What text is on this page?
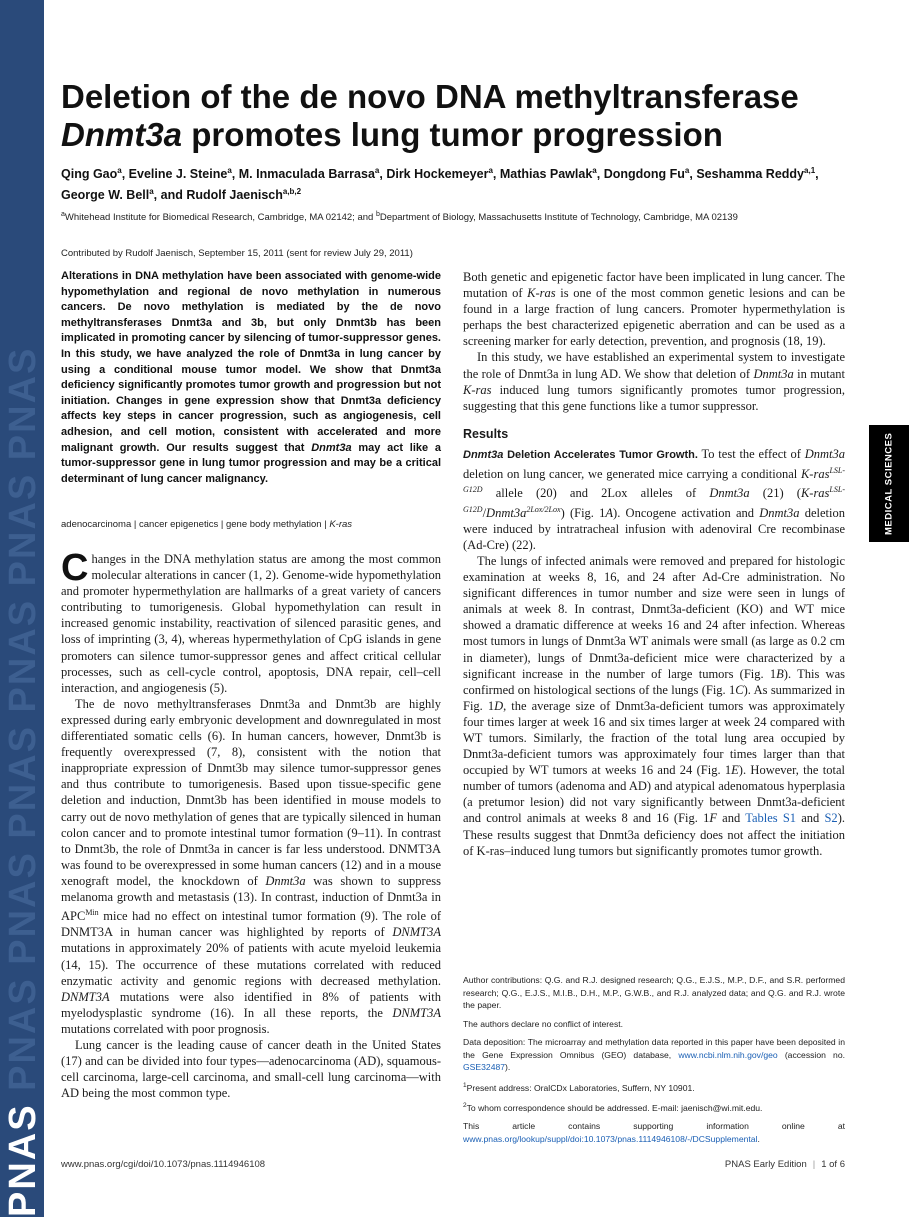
PNAS PNAS PNAS PNAS PNAS PNAS PNAS	MEDICAL SCIENCES
Deletion of the de novo DNA methyltransferase
Dnmt3a promotes lung tumor progression
Qing Gao$^a$, Eveline J. Steine$^a$, M. Inmaculada Barrasa$^a$, Dirk Hockemeyer$^a$, Mathias Pawlak$^a$, Dongdong Fu$^a$, Seshamma Reddy$^{a,1}$, George W. Bell$^a$, and Rudolf Jaenisch$^{a,b,2}$
$^a$Whitehead Institute for Biomedical Research, Cambridge, MA 02142; and $^b$Department of Biology, Massachusetts Institute of Technology, Cambridge, MA 02139
Contributed by Rudolf Jaenisch, September 15, 2011 (sent for review July 29, 2011)

Alterations in DNA methylation have been associated with genome-wide hypomethylation and regional de novo methylation in numerous cancers. De novo methylation is mediated by the de novo methyltransferases Dnmt3a and 3b, but only Dnmt3b has been implicated in promoting cancer by silencing of tumor-suppressor genes. In this study, we have analyzed the role of Dnmt3a in lung cancer by using a conditional mouse tumor model. We show that Dnmt3a deficiency significantly promotes tumor growth and progression but not initiation. Changes in gene expression show that Dnmt3a deficiency affects key steps in cancer progression, such as angiogenesis, cell adhesion, and cell motion, consistent with accelerated and more malignant growth. Our results suggest that Dnmt3a may act like a tumor-suppressor gene in lung tumor progression and may be a critical determinant of lung cancer malignancy.

adenocarcinoma | cancer epigenetics | gene body methylation | K-ras

Changes in the DNA methylation status are among the most common molecular alterations in cancer (1, 2). Genome-wide hypomethylation and promoter hypermethylation are hallmarks of a great variety of cancers contributing to tumorigenesis. Global hypomethylation can result in increased genomic instability, reactivation of silenced parasitic genes, and loss of imprinting (3, 4), whereas hypermethylation of CpG islands in gene promoters can silence tumor-suppressor genes and affect critical cellular processes, such as cell-cycle control, apoptosis, DNA repair, cell–cell interaction, and angiogenesis (5).

The de novo methyltransferases Dnmt3a and Dnmt3b are highly expressed during early embryonic development and downregulated in most differentiated somatic cells (6). In human cancers, however, Dnmt3b is frequently overexpressed (7, 8), consistent with the notion that inappropriate expression of Dnmt3b may silence tumor-suppressor genes and thus contribute to tumorigenesis. Based upon tissue-specific gene deletion and induction, Dnmt3b has been identified in mouse models to carry out de novo methylation of genes that are typically silenced in human colon cancer and to promote intestinal tumor formation (9–11). In contrast to Dnmt3b, the role of Dnmt3a in cancer is far less understood. DNMT3A was found to be overexpressed in some human cancers (12) and in a mouse xenograft model, the knockdown of Dnmt3a was shown to suppress melanoma growth and metastasis (13). In contrast, induction of Dnmt3a in $APC^{Min}$ mice had no effect on intestinal tumor formation (9). The role of DNMT3A in human cancer was highlighted by reports of DNMT3A mutations in approximately 20% of patients with acute myeloid leukemia (14, 15). The occurrence of these mutations correlated with reduced enzymatic activity and genomic regions with decreased methylation. DNMT3A mutations were also identified in 8% of patients with myelodysplastic syndrome (16). In all these reports, the DNMT3A mutations correlated with poor prognosis.

Lung cancer is the leading cause of cancer death in the United States (17) and can be divided into four types—adenocarcinoma (AD), squamous-cell carcinoma, large-cell carcinoma, and small-cell lung carcinoma—with AD being the most common type.

Both genetic and epigenetic factor have been implicated in lung cancer. The mutation of K-ras is one of the most common genetic lesions and can be found in a large fraction of lung cancers. Promoter hypermethylation is perhaps the best characterized epigenetic aberration and can be used as a screening marker for early detection, prevention, and prognosis (18, 19).

In this study, we have established an experimental system to investigate the role of Dnmt3a in lung AD. We show that deletion of Dnmt3a in mutant K-ras induced lung tumors significantly promotes tumor progression, suggesting that this gene functions like a tumor suppressor.

Results

Dnmt3a Deletion Accelerates Tumor Growth. To test the effect of Dnmt3a deletion on lung cancer, we generated mice carrying a conditional K-ras$^{LSL-G12D}$ allele (20) and 2Lox alleles of Dnmt3a (21) $(K-ras^{LSL-G12D}/Dnmt3a^{2Lox/2Lox})$ (Fig. 1A). Oncogene activation and Dnmt3a deletion were induced by intratracheal infusion with adenoviral Cre recombinase (Ad-Cre) (22).

The lungs of infected animals were removed and prepared for histologic examination at weeks 8, 16, and 24 after Ad-Cre administration. No significant differences in tumor number and size were seen in lungs of animals at week 8. In contrast, Dnmt3a-deficient (KO) and WT mice showed a dramatic difference at weeks 16 and 24 after infection. Whereas most tumors in lungs of Dnmt3a WT animals were small (as large as 0.2 cm in diameter), lungs of Dnmt3a-deficient mice were characterized by a significant increase in the number of large tumors (Fig. 1B). This was confirmed on histological sections of the lungs (Fig. 1C). As summarized in Fig. 1D, the average size of Dnmt3a-deficient tumors was approximately four times larger at week 16 and six times larger at week 24 compared with WT tumors. Similarly, the fraction of the total lung area occupied by Dnmt3a-deficient tumors was approximately four times larger than that occupied by WT tumors at weeks 16 and 24 (Fig. 1E). However, the total number of tumors (adenoma and AD) and atypical adenomatous hyperplasia (a pretumor lesion) did not vary significantly between Dnmt3a-deficient and control animals at weeks 8 and 16 (Fig. 1F and Tables S1 and S2). These results suggest that Dnmt3a deficiency does not affect the initiation of K-ras–induced lung tumors but significantly promotes tumor growth.

Author contributions: Q.G. and R.J. designed research; Q.G., E.J.S., M.P., D.F., and S.R. performed research; Q.G., E.J.S., M.I.B., D.H., M.P., G.W.B., and R.J. analyzed data; and Q.G. and R.J. wrote the paper.

The authors declare no conflict of interest.

Data deposition: The microarray and methylation data reported in this paper have been deposited in the Gene Expression Omnibus (GEO) database, www.ncbi.nlm.nih.gov/geo (accession no. GSE32487).

$^1$Present address: OralCDx Laboratories, Suffern, NY 10901.

$^2$To whom correspondence should be addressed. E-mail: jaenisch@wi.mit.edu.

This article contains supporting information online at www.pnas.org/lookup/suppl/doi:10.1073/pnas.1114946108/-/DCSupplemental.

www.pnas.org/cgi/doi/10.1073/pnas.1114946108	PNAS Early Edition | 1 of 6
